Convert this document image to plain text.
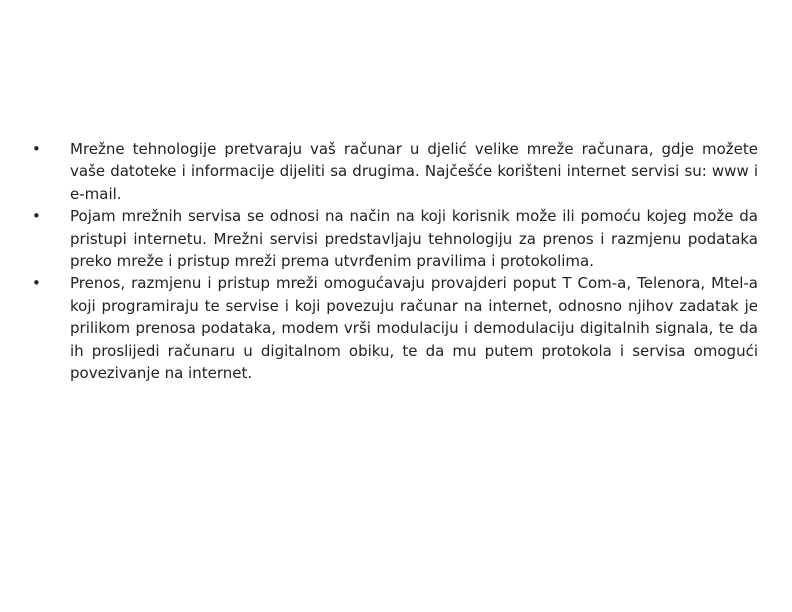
•	Mrežne tehnologije pretvaraju vaš računar u djelić velike mreže računara, gdje možete vaše datoteke i informacije dijeliti sa drugima. Najčešće korišteni internet servisi su: www i e-mail.
•	Pojam mrežnih servisa se odnosi na način na koji korisnik može ili pomoću kojeg može da pristupi internetu. Mrežni servisi predstavljaju tehnologiju za prenos i razmjenu podataka preko mreže i pristup mreži prema utvrđenim pravilima i protokolima.
•	Prenos, razmjenu i pristup mreži omogućavaju provajderi poput T Com-a, Telenora, Mtel-a koji programiraju te servise i koji povezuju računar na internet, odnosno njihov zadatak je prilikom prenosa podataka, modem vrši modulaciju i demodulaciju digitalnih signala, te da ih proslijedi računaru u digitalnom obiku, te da mu putem protokola i servisa omogući povezivanje na internet.
